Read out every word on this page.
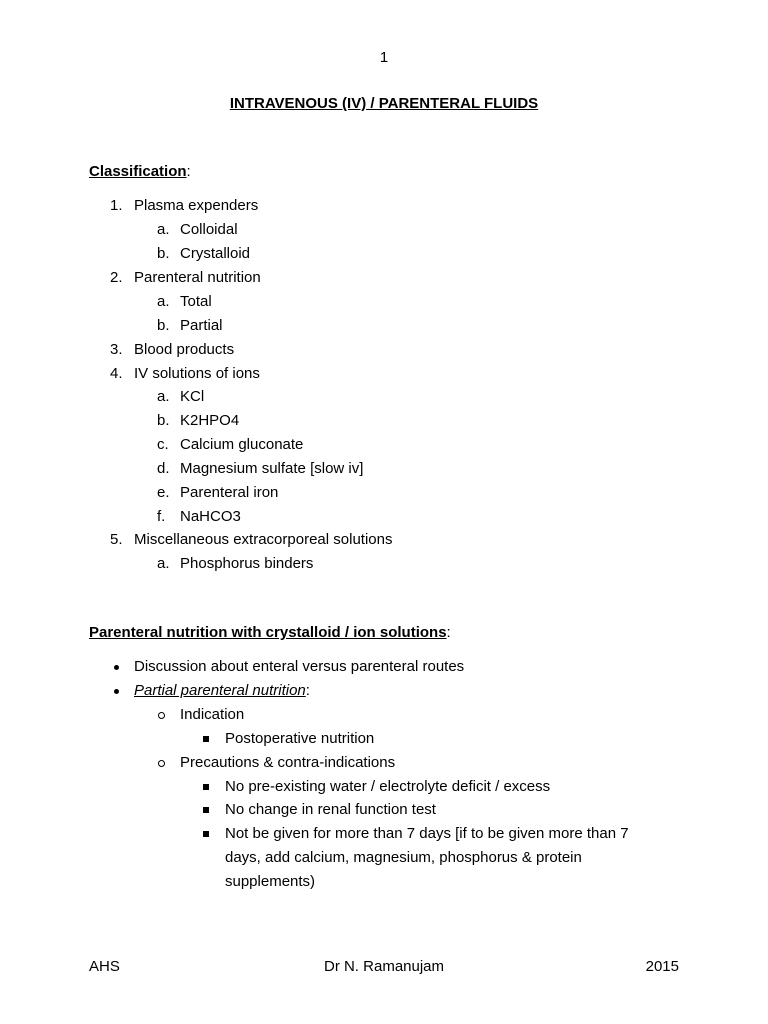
1
INTRAVENOUS (IV) / PARENTERAL FLUIDS
Classification:
1. Plasma expenders
a. Colloidal
b. Crystalloid
2. Parenteral nutrition
a. Total
b. Partial
3. Blood products
4. IV solutions of ions
a. KCl
b. K2HPO4
c. Calcium gluconate
d. Magnesium sulfate [slow iv]
e. Parenteral iron
f. NaHCO3
5. Miscellaneous extracorporeal solutions
a. Phosphorus binders
Parenteral nutrition with crystalloid / ion solutions:
Discussion about enteral versus parenteral routes
Partial parenteral nutrition:
Indication
Postoperative nutrition
Precautions & contra-indications
No pre-existing water / electrolyte deficit / excess
No change in renal function test
Not be given for more than 7 days [if to be given more than 7
days, add calcium, magnesium, phosphorus & protein
supplements)
AHS	Dr N. Ramanujam	2015
